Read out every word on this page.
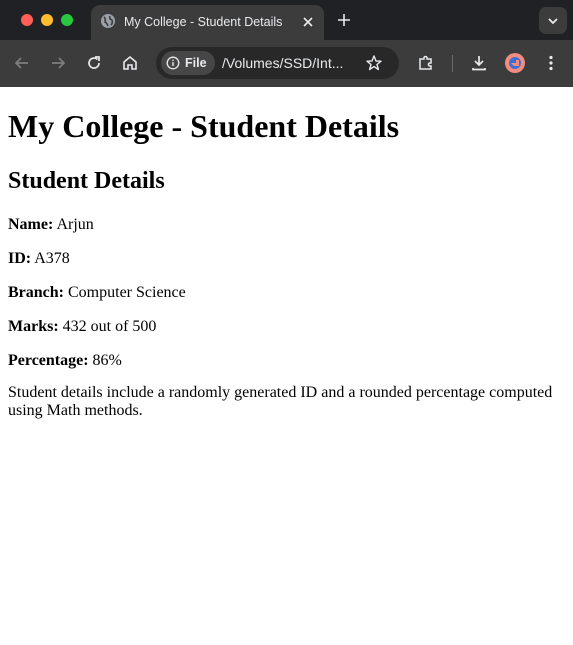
My College - Student Details
File /Volumes/SSD/Int...
My College - Student Details
Student Details
Name: Arjun
ID: A378
Branch: Computer Science
Marks: 432 out of 500
Percentage: 86%

Student details include a randomly generated ID and a rounded percentage computed using Math methods.
